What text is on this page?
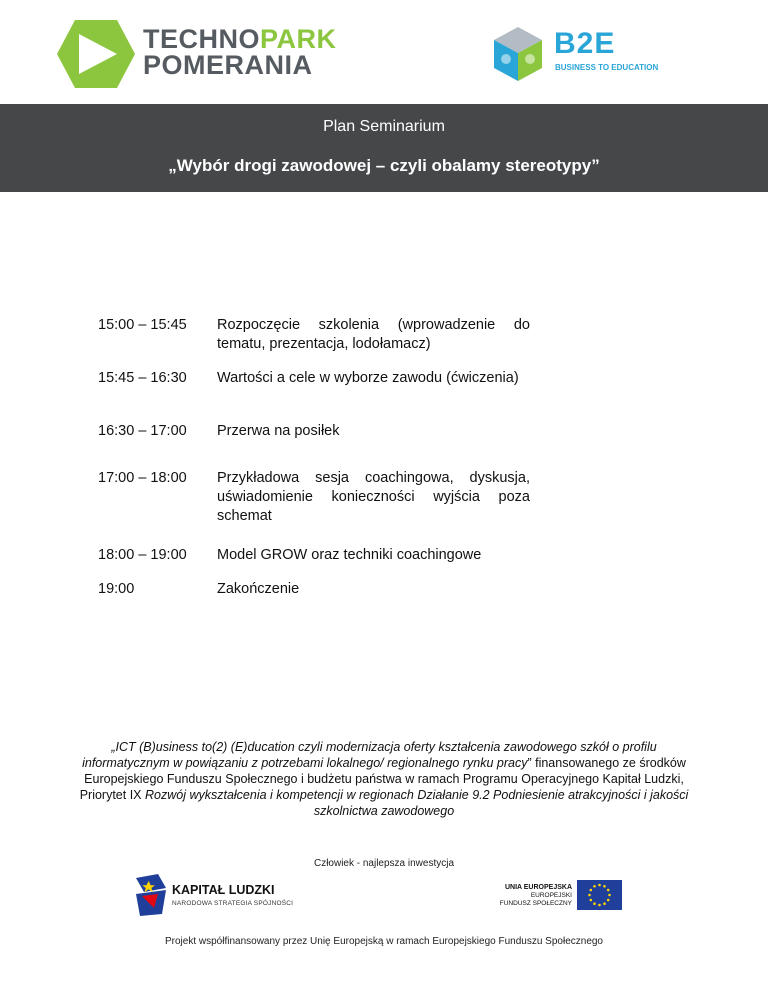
TECHNOPARK
POMERANIA
B2E
BUSINESS TO EDUCATION
Plan Seminarium
„Wybór drogi zawodowej – czyli obalamy stereotypy”
15:00 – 15:45	Rozpoczęcie szkolenia (wprowadzenie do tematu, prezentacja, lodołamacz)
15:45 – 16:30	Wartości a cele w wyborze zawodu (ćwiczenia)
16:30 – 17:00	Przerwa na posiłek
17:00 – 18:00	Przykładowa sesja coachingowa, dyskusja, uświadomienie konieczności wyjścia poza schemat
18:00 – 19:00	Model GROW oraz techniki coachingowe
19:00	Zakończenie
„ICT (B)usiness to(2) (E)ducation czyli modernizacja oferty kształcenia zawodowego szkół o profilu informatycznym w powiązaniu z potrzebami lokalnego/ regionalnego rynku pracy” finansowanego ze środków Europejskiego Funduszu Społecznego i budżetu państwa w ramach Programu Operacyjnego Kapitał Ludzki, Priorytet IX Rozwój wykształcenia i kompetencji w regionach Działanie 9.2 Podniesienie atrakcyjności i jakości szkolnictwa zawodowego
Człowiek - najlepsza inwestycja
KAPITAŁ LUDZKI
NARODOWA STRATEGIA SPÓJNOŚCI
UNIA EUROPEJSKA
EUROPEJSKI
FUNDUSZ SPOŁECZNY
Projekt współfinansowany przez Unię Europejską w ramach Europejskiego Funduszu Społecznego
